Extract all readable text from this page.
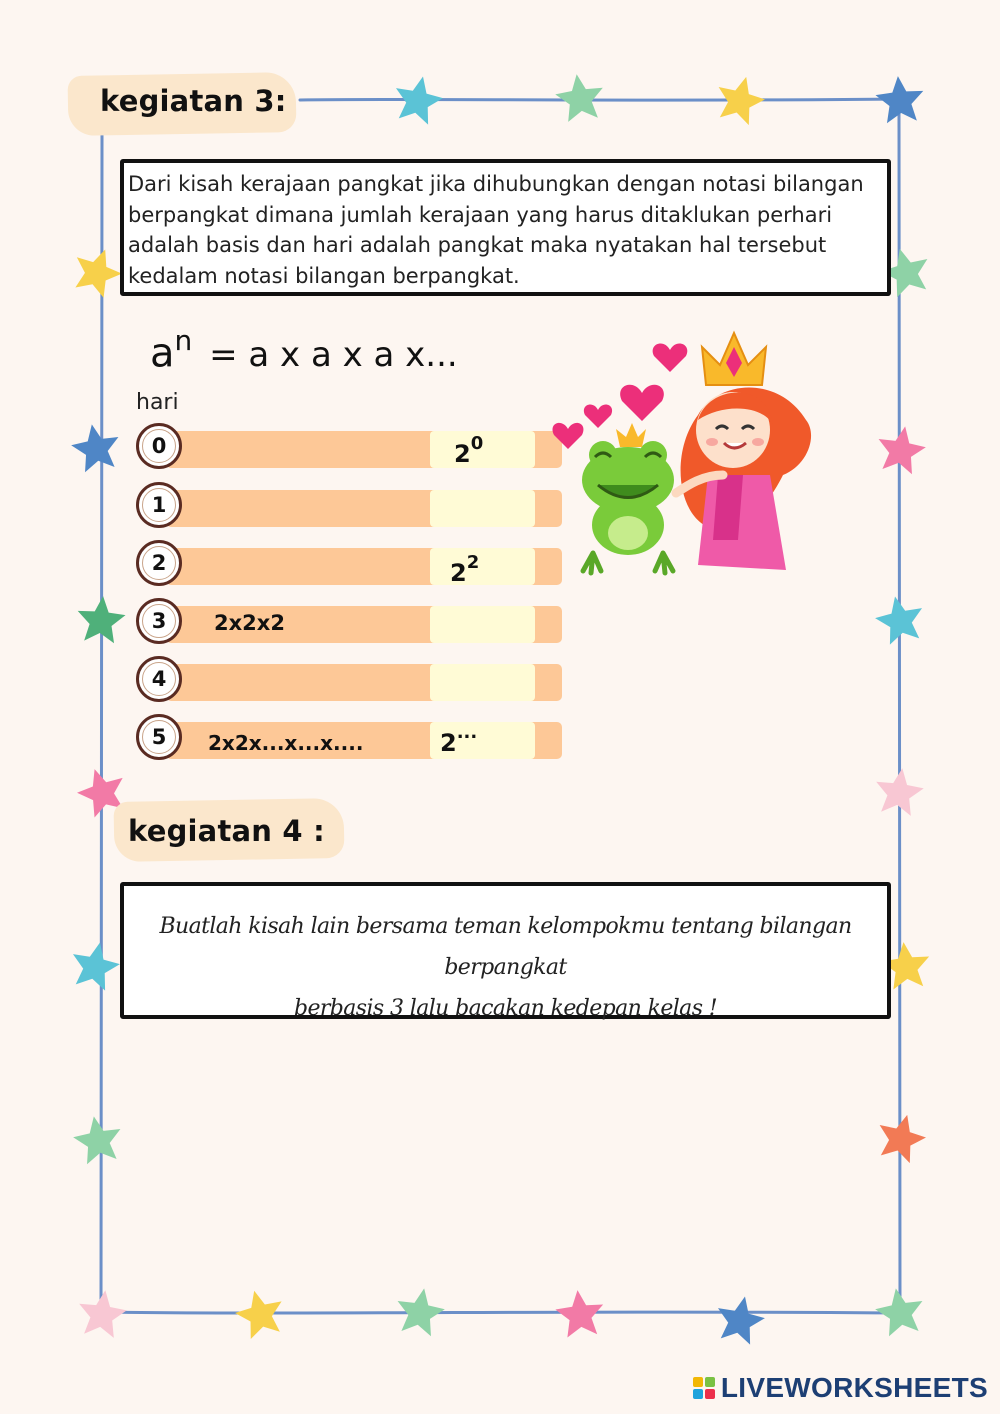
kegiatan 3:
Dari kisah kerajaan pangkat jika dihubungkan dengan notasi bilangan berpangkat dimana jumlah kerajaan yang harus ditaklukan perhari adalah basis dan hari adalah pangkat maka nyatakan hal tersebut kedalam notasi bilangan berpangkat.
$a^n = a$ x a x a x...
hari
$2^0$
0
1
$2^2$
2
2x2x2
3
4
2x2x...x...x....	2...
5
kegiatan 4 :
Buatlah kisah lain bersama teman kelompokmu tentang bilangan berpangkat
berbasis 3 lalu bacakan kedepan kelas !
LIVEWORKSHEETS
